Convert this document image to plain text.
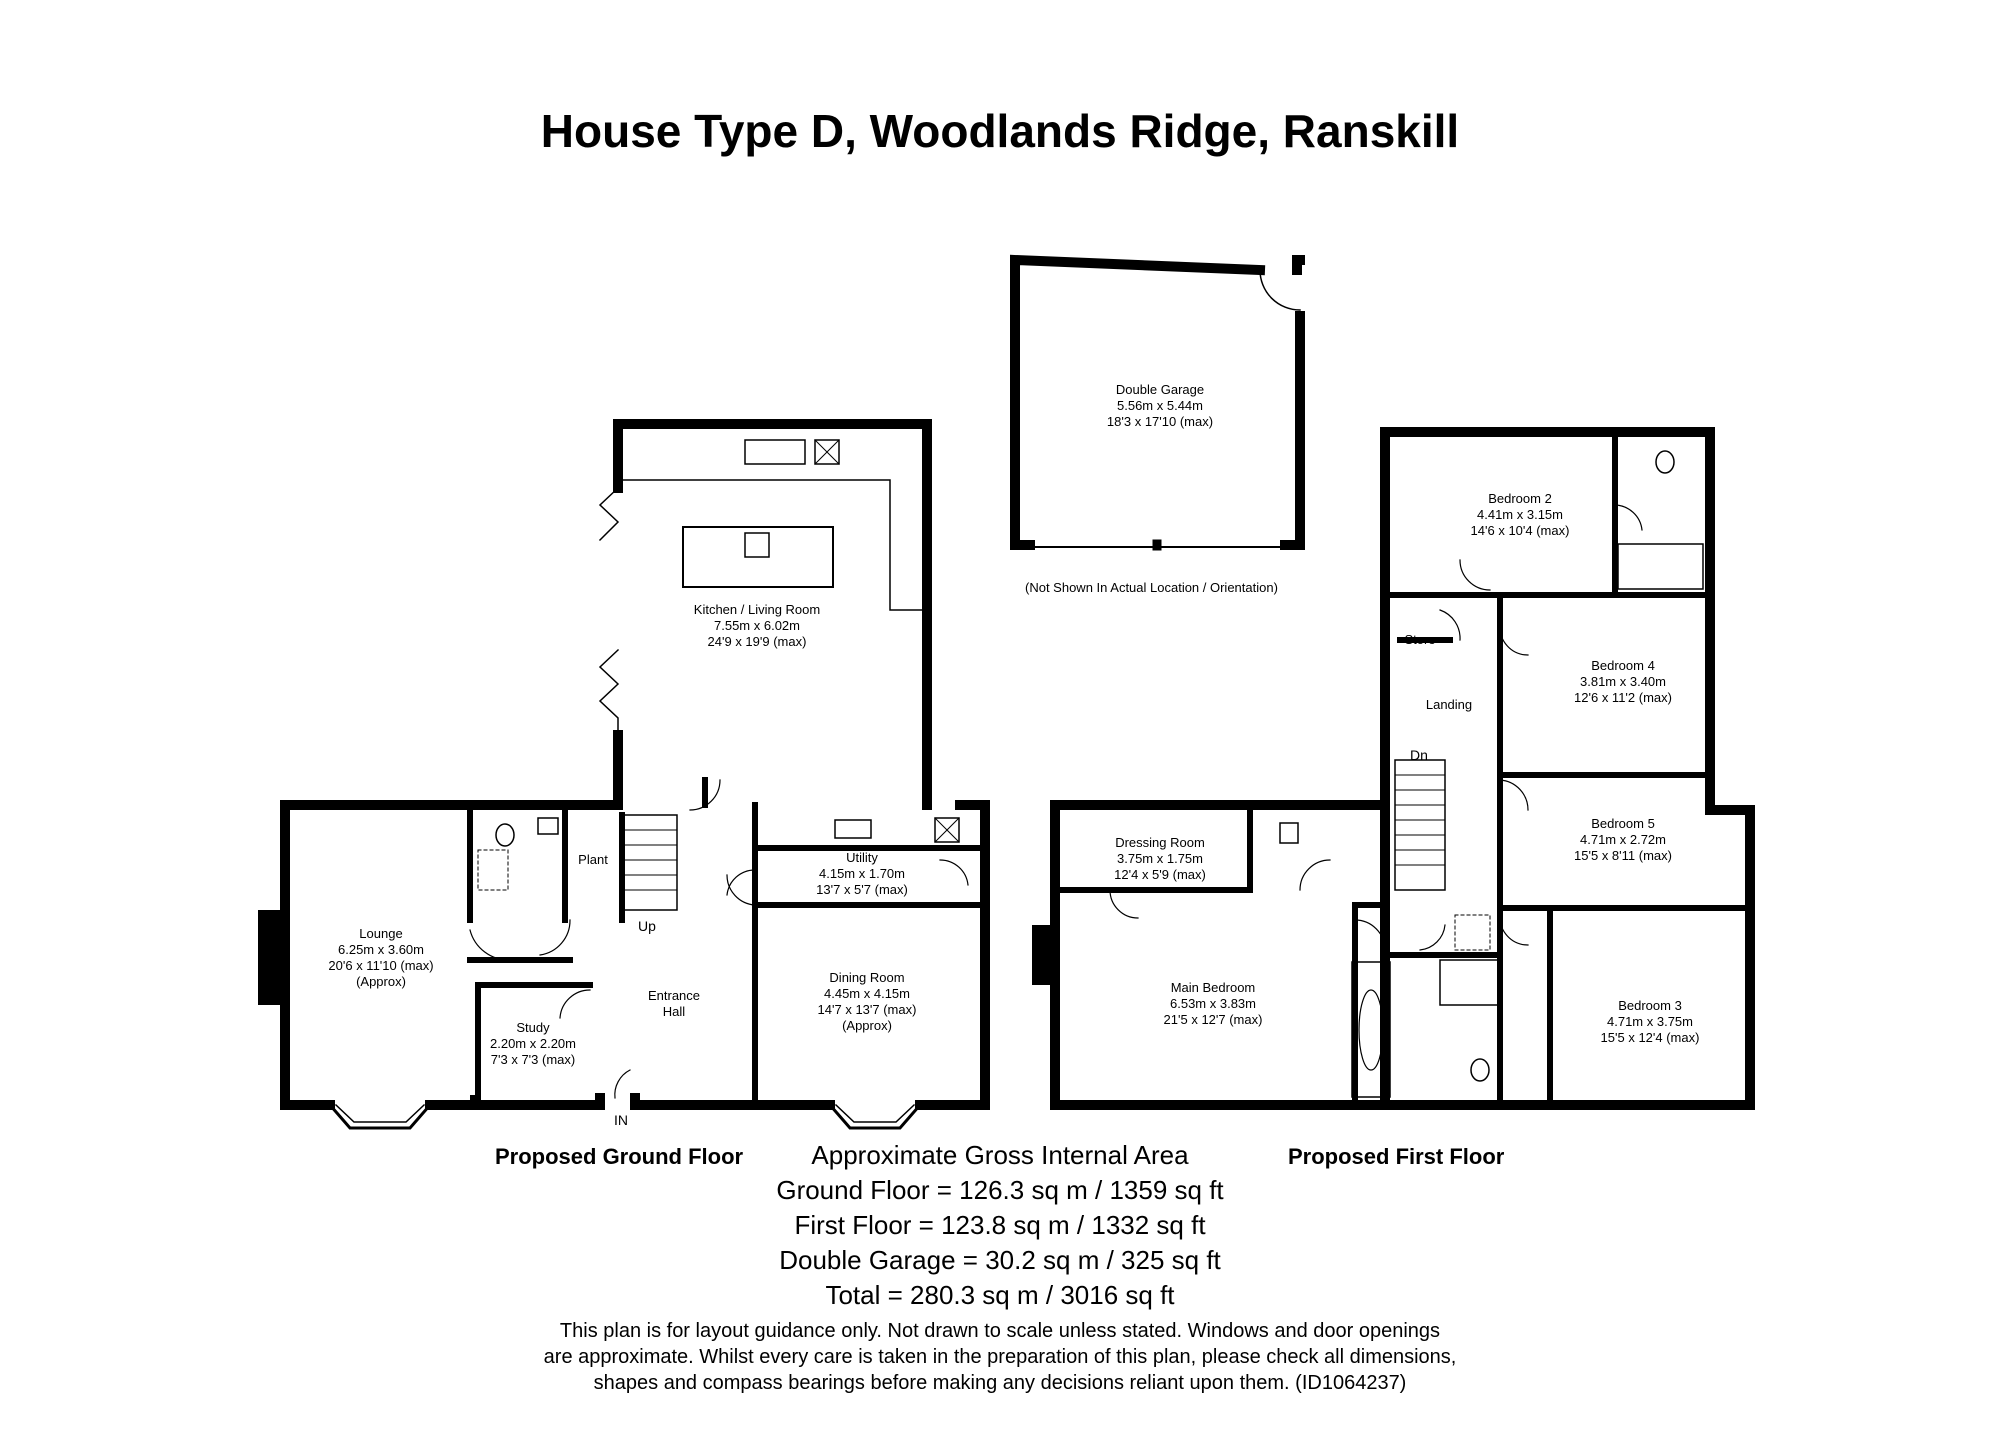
House Type D, Woodlands Ridge, Ranskill
Double Garage
5.56m x 5.44m
18'3 x 17'10 (max)
(Not Shown In Actual Location / Orientation)
Kitchen / Living Room
7.55m x 6.02m
24'9 x 19'9 (max)
Lounge
6.25m x 3.60m
20'6 x 11'10 (max)
(Approx)
Plant	Utility
4.15m x 1.70m
13'7 x 5'7 (max)
Up
Entrance
Hall
Study
2.20m x 2.20m
7'3 x 7'3 (max)
Dining Room
4.45m x 4.15m
14'7 x 13'7 (max)
(Approx)
IN
Bedroom 2
4.41m x 3.15m
14'6 x 10'4 (max)
Store
Landing
Bedroom 4
3.81m x 3.40m
12'6 x 11'2 (max)
Dn
Dressing Room
3.75m x 1.75m
12'4 x 5'9 (max)
Bedroom 5
4.71m x 2.72m
15'5 x 8'11 (max)
Main Bedroom
6.53m x 3.83m
21'5 x 12'7 (max)
Bedroom 3
4.71m x 3.75m
15'5 x 12'4 (max)
Proposed Ground Floor	Proposed First Floor
Approximate Gross Internal Area
Ground Floor = 126.3 sq m / 1359 sq ft
First Floor = 123.8 sq m / 1332 sq ft
Double Garage = 30.2 sq m / 325 sq ft
Total = 280.3 sq m / 3016 sq ft
This plan is for layout guidance only. Not drawn to scale unless stated. Windows and door openings
are approximate. Whilst every care is taken in the preparation of this plan, please check all dimensions,
shapes and compass bearings before making any decisions reliant upon them. (ID1064237)
